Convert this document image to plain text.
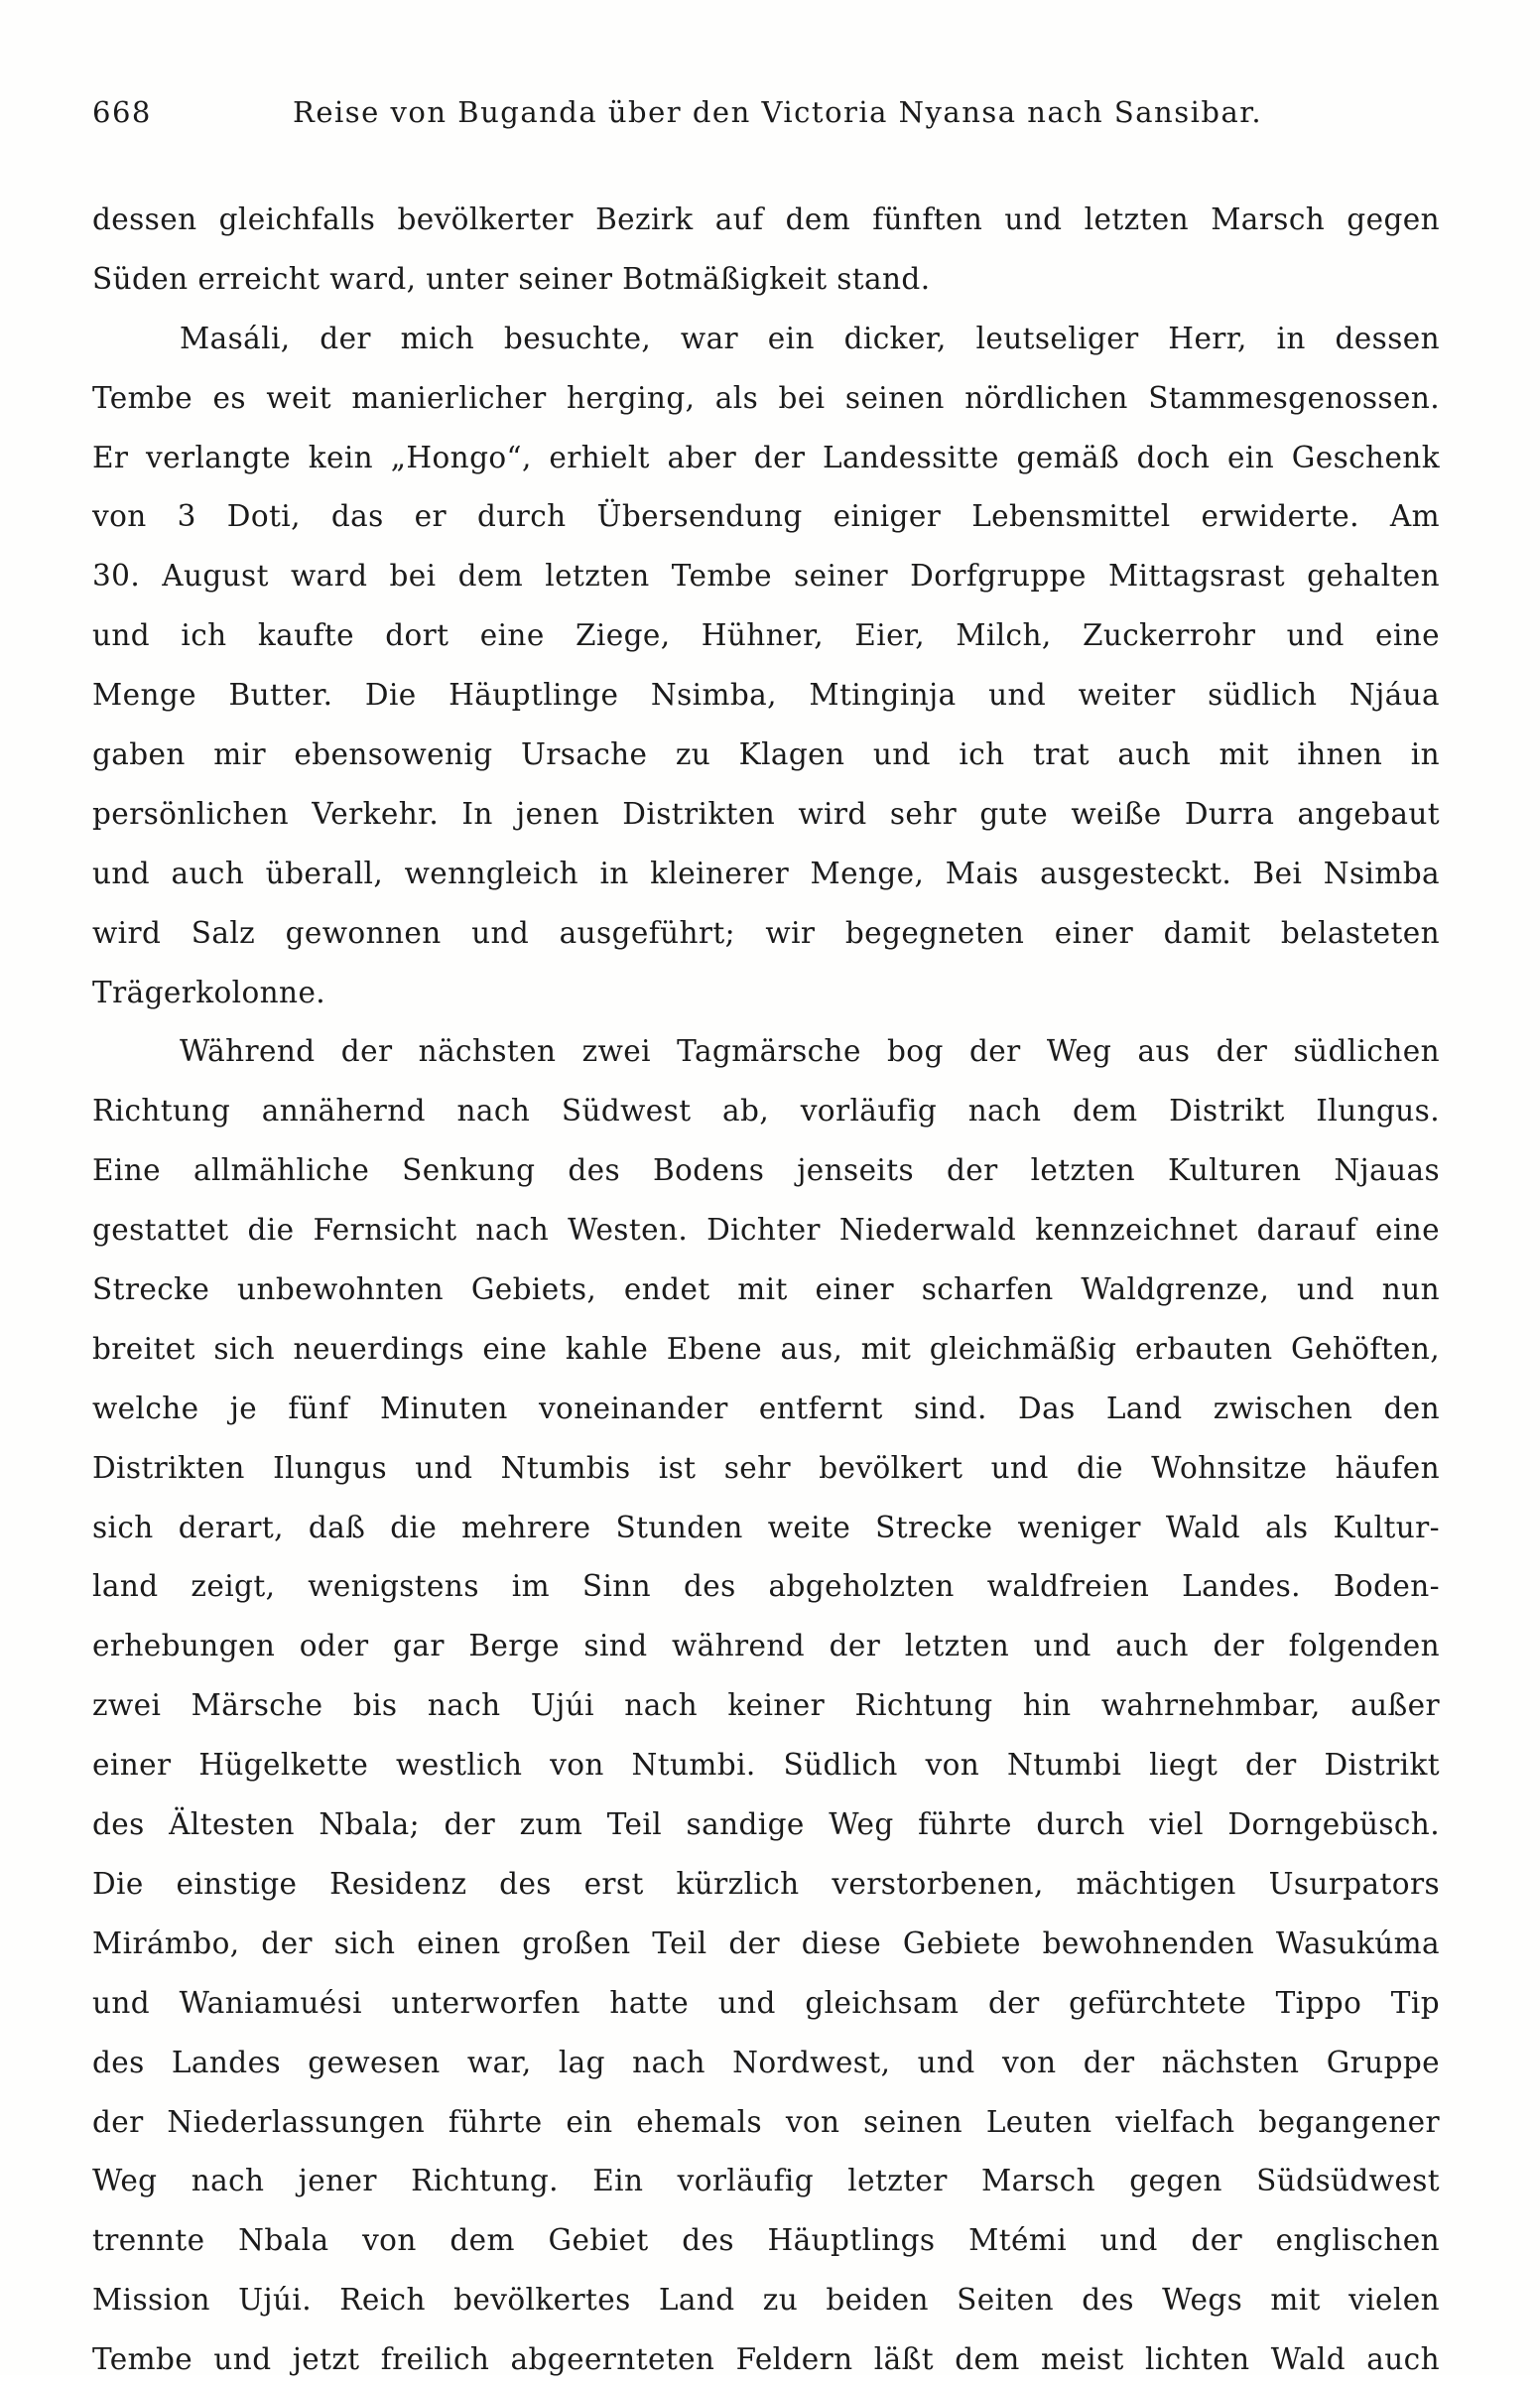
668	Reise von Buganda über den Victoria Nyansa nach Sansibar.
dessen gleichfalls bevölkerter Bezirk auf dem fünften und letzten Marsch gegen
Süden erreicht ward, unter seiner Botmäßigkeit stand.
Masáli, der mich besuchte, war ein dicker, leutseliger Herr, in dessen
Tembe es weit manierlicher herging, als bei seinen nördlichen Stammesgenossen.
Er verlangte kein „Hongo“, erhielt aber der Landessitte gemäß doch ein Geschenk
von 3 Doti, das er durch Übersendung einiger Lebensmittel erwiderte. Am
30. August ward bei dem letzten Tembe seiner Dorfgruppe Mittagsrast gehalten
und ich kaufte dort eine Ziege, Hühner, Eier, Milch, Zuckerrohr und eine
Menge Butter. Die Häuptlinge Nsimba, Mtinginja und weiter südlich Njáua
gaben mir ebensowenig Ursache zu Klagen und ich trat auch mit ihnen in
persönlichen Verkehr. In jenen Distrikten wird sehr gute weiße Durra angebaut
und auch überall, wenngleich in kleinerer Menge, Mais ausgesteckt. Bei Nsimba
wird Salz gewonnen und ausgeführt; wir begegneten einer damit belasteten
Trägerkolonne.
Während der nächsten zwei Tagmärsche bog der Weg aus der südlichen
Richtung annähernd nach Südwest ab, vorläufig nach dem Distrikt Ilungus.
Eine allmähliche Senkung des Bodens jenseits der letzten Kulturen Njauas
gestattet die Fernsicht nach Westen. Dichter Niederwald kennzeichnet darauf eine
Strecke unbewohnten Gebiets, endet mit einer scharfen Waldgrenze, und nun
breitet sich neuerdings eine kahle Ebene aus, mit gleichmäßig erbauten Gehöften,
welche je fünf Minuten voneinander entfernt sind. Das Land zwischen den
Distrikten Ilungus und Ntumbis ist sehr bevölkert und die Wohnsitze häufen
sich derart, daß die mehrere Stunden weite Strecke weniger Wald als Kultur-
land zeigt, wenigstens im Sinn des abgeholzten waldfreien Landes. Boden-
erhebungen oder gar Berge sind während der letzten und auch der folgenden
zwei Märsche bis nach Ujúi nach keiner Richtung hin wahrnehmbar, außer
einer Hügelkette westlich von Ntumbi. Südlich von Ntumbi liegt der Distrikt
des Ältesten Nbala; der zum Teil sandige Weg führte durch viel Dorngebüsch.
Die einstige Residenz des erst kürzlich verstorbenen, mächtigen Usurpators
Mirámbo, der sich einen großen Teil der diese Gebiete bewohnenden Wasukúma
und Waniamuési unterworfen hatte und gleichsam der gefürchtete Tippo Tip
des Landes gewesen war, lag nach Nordwest, und von der nächsten Gruppe
der Niederlassungen führte ein ehemals von seinen Leuten vielfach begangener
Weg nach jener Richtung. Ein vorläufig letzter Marsch gegen Südsüdwest
trennte Nbala von dem Gebiet des Häuptlings Mtémi und der englischen
Mission Ujúi. Reich bevölkertes Land zu beiden Seiten des Wegs mit vielen
Tembe und jetzt freilich abgeernteten Feldern läßt dem meist lichten Wald auch
